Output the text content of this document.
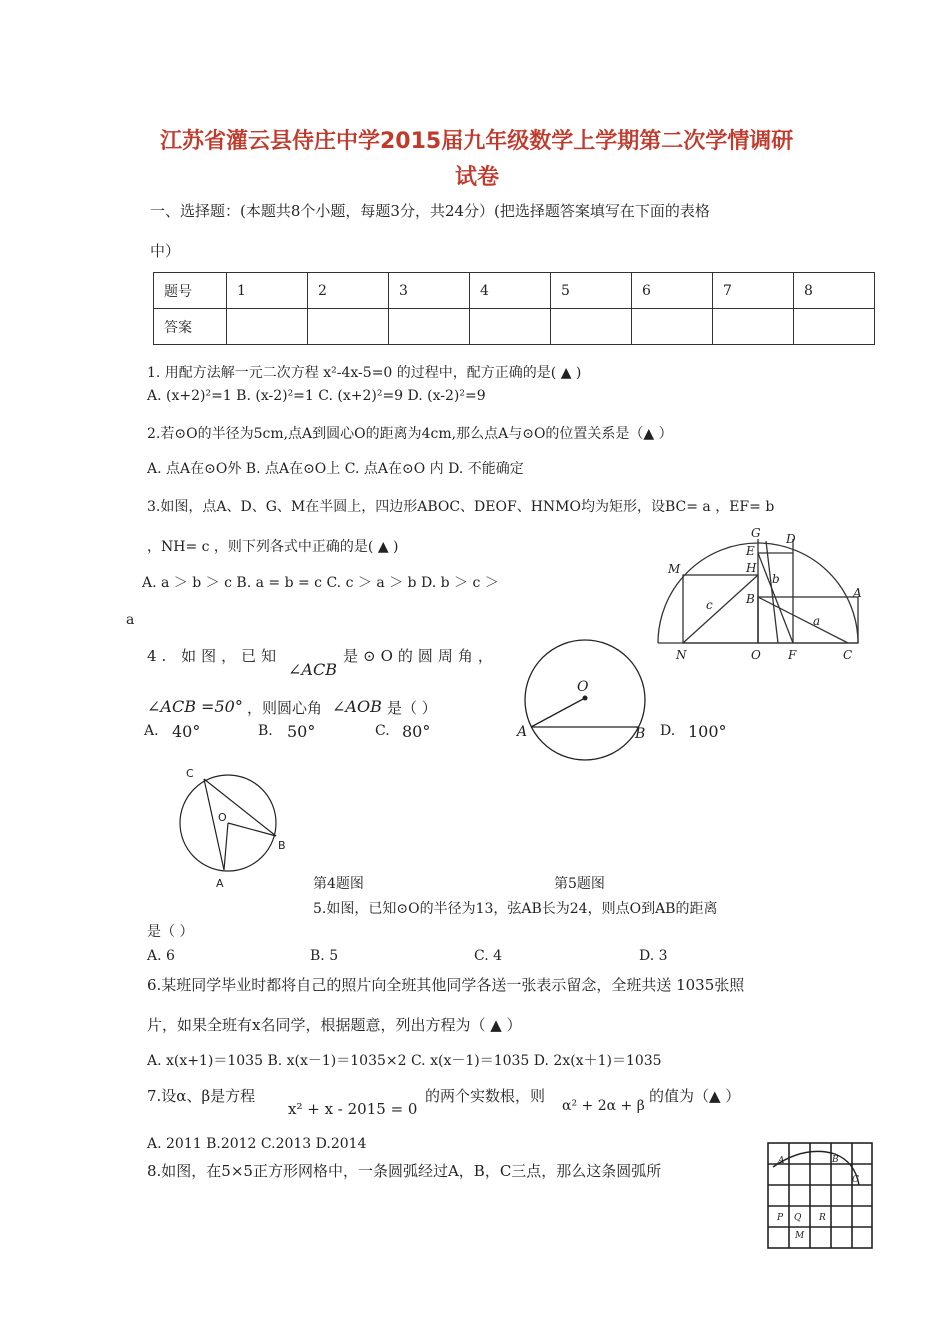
江苏省灌云县侍庄中学2015届九年级数学上学期第二次学情调研
试卷
一、选择题：(本题共8个小题，每题3分，共24分）(把选择题答案填写在下面的表格
中）
题号	1	2	3	4	5	6	7	8
答案								
1. 用配方法解一元二次方程 x²-4x-5=0 的过程中，配方正确的是( ▲ )
A. (x+2)²=1 B. (x-2)²=1 C. (x+2)²=9 D. (x-2)²=9
2.若⊙O的半径为5cm,点A到圆心O的距离为4cm,那么点A与⊙O的位置关系是（▲ ）
A. 点A在⊙O外 B. 点A在⊙O上 C. 点A在⊙O 内 D. 不能确定
3.如图，点A、D、G、M在半圆上，四边形ABOC、DEOF、HNMO均为矩形，设BC= a ，EF= b
，NH= c ，则下列各式中正确的是( ▲ )
A. a ＞ b ＞ c B. a = b = c C. c ＞ a ＞ b D. b ＞ c ＞
a
G D
E
H
M
b
B	A
c
a
N	O F	C
4. 如图，已知
∠ACB
是⊙O的圆周角，
∠ACB =50° ，则圆心角 ∠AOB 是（ ）
A. 40°	B. 50°	C. 80°	D. 100°
O
A	B
C
O
B
A	第4题图	第5题图
5.如图，已知⊙O的半径为13，弦AB长为24，则点O到AB的距离
是（ ）
A. 6	B. 5	C. 4	D. 3
6.某班同学毕业时都将自己的照片向全班其他同学各送一张表示留念，全班共送 1035张照
片，如果全班有x名同学，根据题意，列出方程为（ ▲ ）
A. x(x+1)＝1035 B. x(x－1)＝1035×2 C. x(x－1)＝1035 D. 2x(x＋1)＝1035
7.设α、β是方程
x² + x - 2015 = 0
的两个实数根，则
α² + 2α + β
的值为（▲ ）
A. 2011 B.2012 C.2013 D.2014
8.如图，在5×5正方形网格中，一条圆弧经过A，B，C三点，那么这条圆弧所
A	B
C
P Q R
M
